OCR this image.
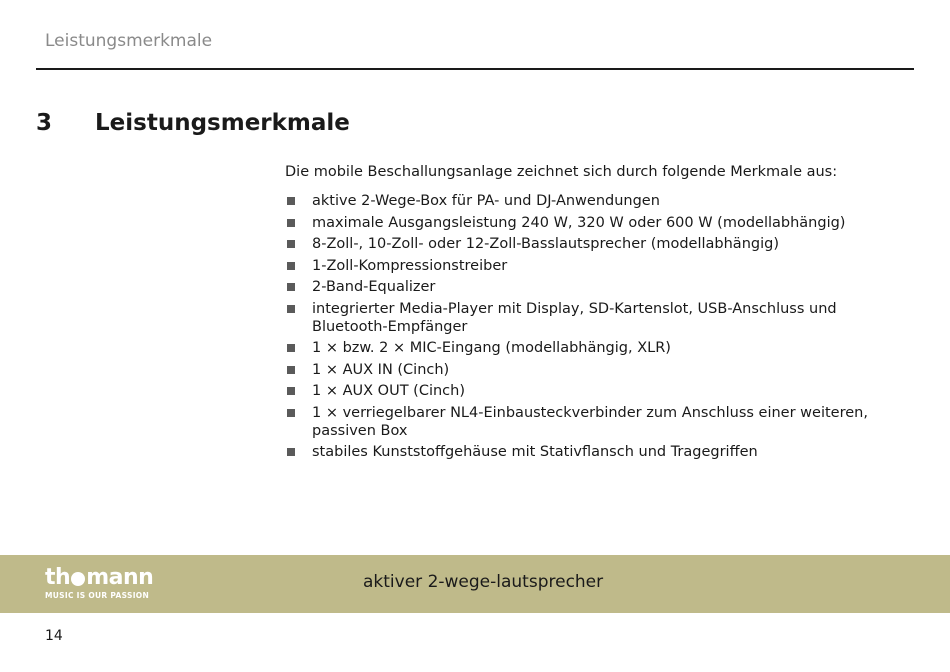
Leistungsmerkmale
3 Leistungsmerkmale
Die mobile Beschallungsanlage zeichnet sich durch folgende Merkmale aus:
aktive 2-Wege-Box für PA- und DJ-Anwendungen
maximale Ausgangsleistung 240 W, 320 W oder 600 W (modellabhängig)
8-Zoll-, 10-Zoll- oder 12-Zoll-Basslautsprecher (modellabhängig)
1-Zoll-Kompressionstreiber
2-Band-Equalizer
integrierter Media-Player mit Display, SD-Kartenslot, USB-Anschluss und Bluetooth-Empfänger
1 × bzw. 2 × MIC-Eingang (modellabhängig, XLR)
1 × AUX IN (Cinch)
1 × AUX OUT (Cinch)
1 × verriegelbarer NL4-Einbausteckverbinder zum Anschluss einer weiteren, passiven Box
stabiles Kunststoffgehäuse mit Stativflansch und Tragegriffen
th mann
MUSIC IS OUR PASSION
aktiver 2-wege-lautsprecher
14
